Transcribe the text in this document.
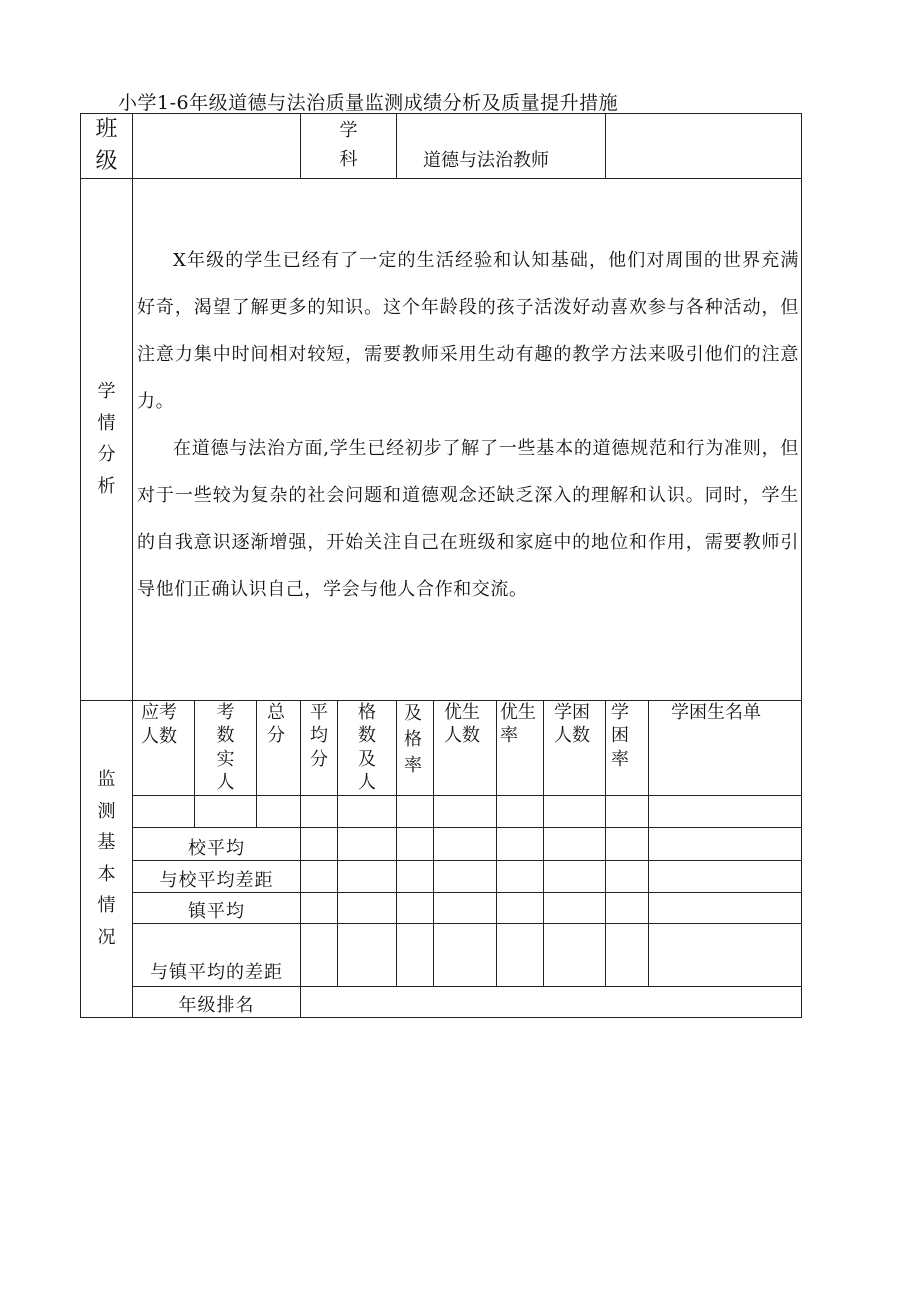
小学1-6年级道德与法治质量监测成绩分析及质量提升措施
班级				学科		道德与法治教师					
学情分析	X年级的学生已经有了一定的生活经验和认知基础，他们对周围的世界充满好奇，渴望了解更多的知识。这个年龄段的孩子活泼好动喜欢参与各种活动，但注意力集中时间相对较短，需要教师采用生动有趣的教学方法来吸引他们的注意力。

在道德与法治方面,学生已经初步了解了一些基本的道德规范和行为准则，但对于一些较为复杂的社会问题和道德观念还缺乏深入的理解和认识。同时，学生的自我意识逐渐增强，开始关注自己在班级和家庭中的地位和作用，需要教师引导他们正确认识自己，学会与他人合作和交流。										

监测基本情况	应考人数	考数实人	总分	平均分	格数及人	及格率	优生人数	优生率	学困人数	学困率	学困生名单

	校平均										
	与校平均差距										
	镇平均										
	与镇平均的差距										
	年级排名										
